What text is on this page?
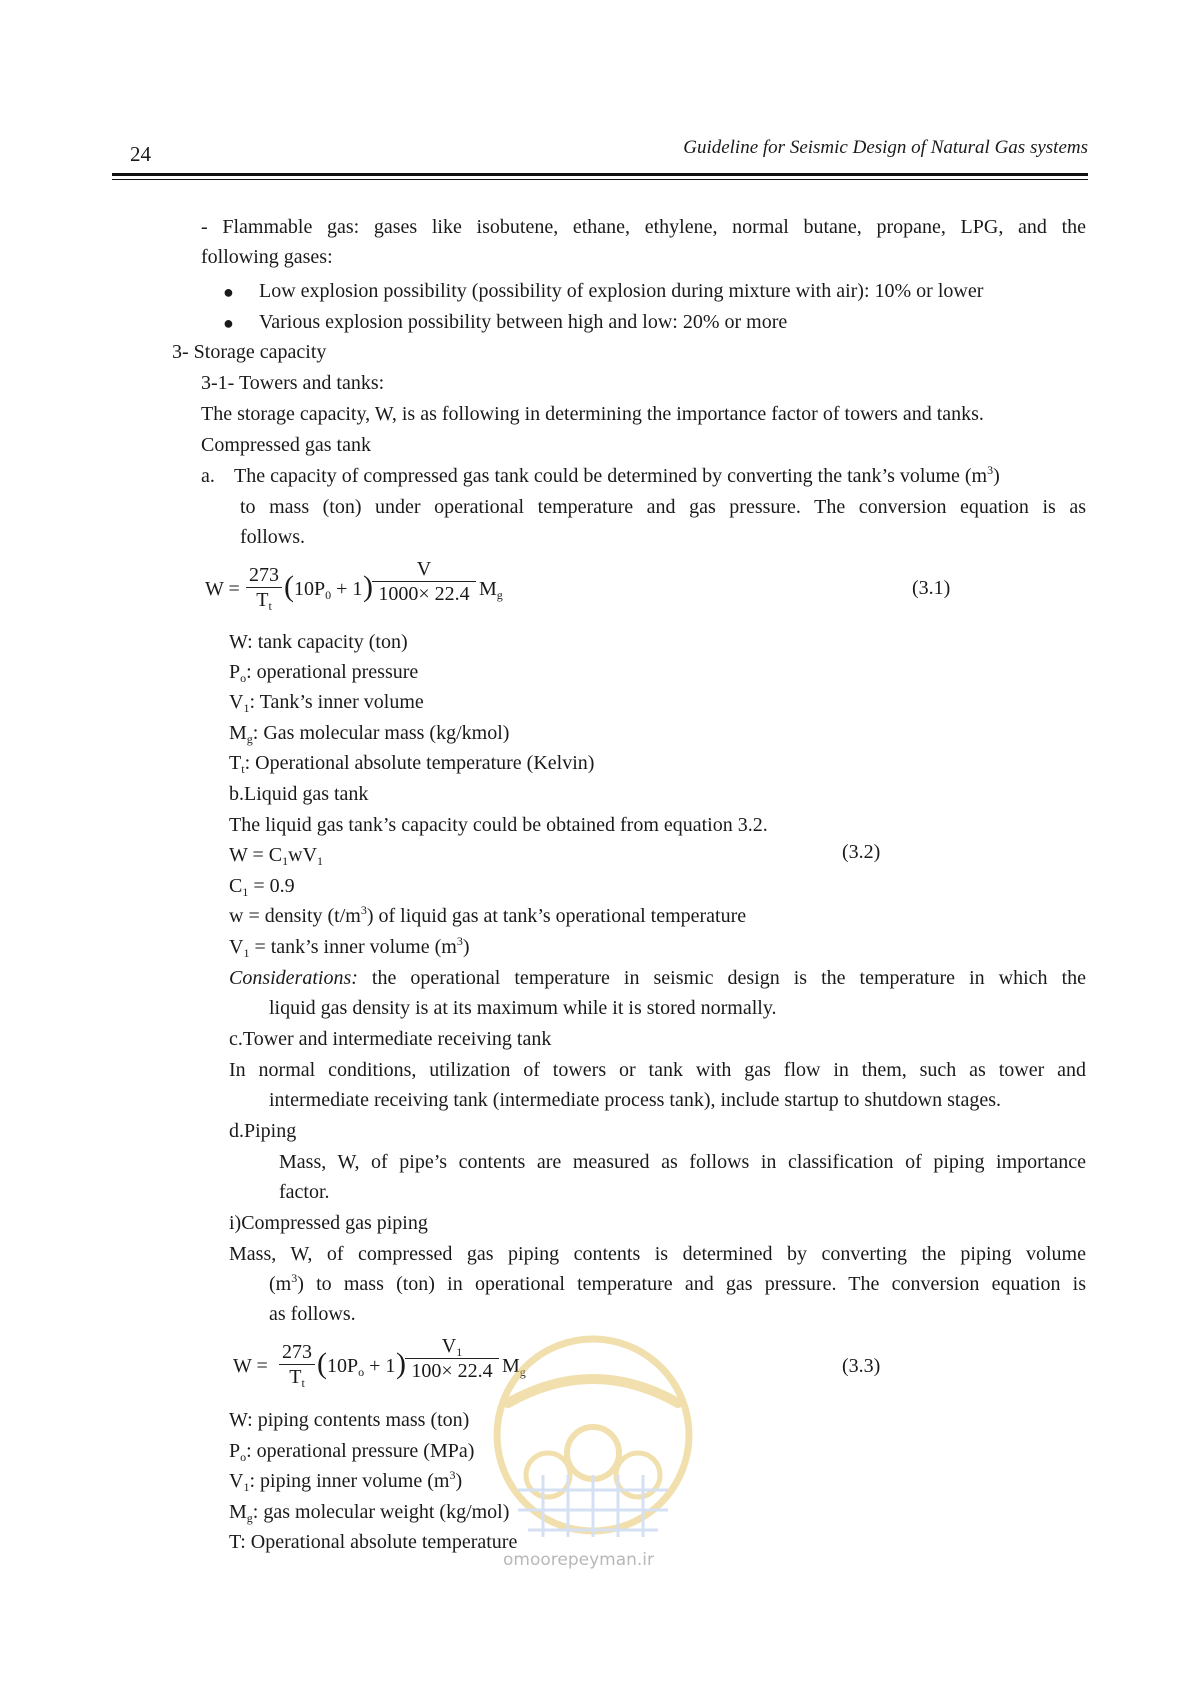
24	Guideline for Seismic Design of Natural Gas systems
- Flammable gas: gases like isobutene, ethane, ethylene, normal butane, propane, LPG, and the
following gases:
● Low explosion possibility (possibility of explosion during mixture with air): 10% or lower
● Various explosion possibility between high and low: 20% or more
3- Storage capacity
3-1- Towers and tanks:
The storage capacity, W, is as following in determining the importance factor of towers and tanks.
Compressed gas tank
a. The capacity of compressed gas tank could be determined by converting the tank’s volume $(m^3)$
to mass (ton) under operational temperature and gas pressure. The conversion equation is as
follows.
$W = \frac{273}{T_t}$ ( $10P_0 + 1$ ) $\frac{V}{1000\times 22.4} M_g$	(3.1)
W: tank capacity (ton)
$P_o$: operational pressure
$V_1$: Tank’s inner volume
$M_g$: Gas molecular mass (kg/kmol)
$T_t$: Operational absolute temperature (Kelvin)
b.Liquid gas tank
The liquid gas tank’s capacity could be obtained from equation 3.2.
$W = C_1wV_1$	(3.2)
$C_1 = 0.9$
w = density $(t/m^3)$ of liquid gas at tank’s operational temperature
$V_1$ = tank’s inner volume $(m^3)$
Considerations: the operational temperature in seismic design is the temperature in which the
liquid gas density is at its maximum while it is stored normally.
c.Tower and intermediate receiving tank
In normal conditions, utilization of towers or tank with gas flow in them, such as tower and
intermediate receiving tank (intermediate process tank), include startup to shutdown stages.
d.Piping
Mass, W, of pipe’s contents are measured as follows in classification of piping importance
factor.
i)Compressed gas piping
Mass, W, of compressed gas piping contents is determined by converting the piping volume
$(m^3)$ to mass (ton) in operational temperature and gas pressure. The conversion equation is
as follows.
$W = \frac{273}{T_t}$ ( $10P_o + 1$ ) $\frac{V_1}{100\times 22.4} M_g$	(3.3)
W: piping contents mass (ton)
$P_o$: operational pressure (MPa)
$V_1$: piping inner volume $(m^3)$
$M_g$: gas molecular weight (kg/mol)
T: Operational absolute temperature
omoorepeyman.ir
